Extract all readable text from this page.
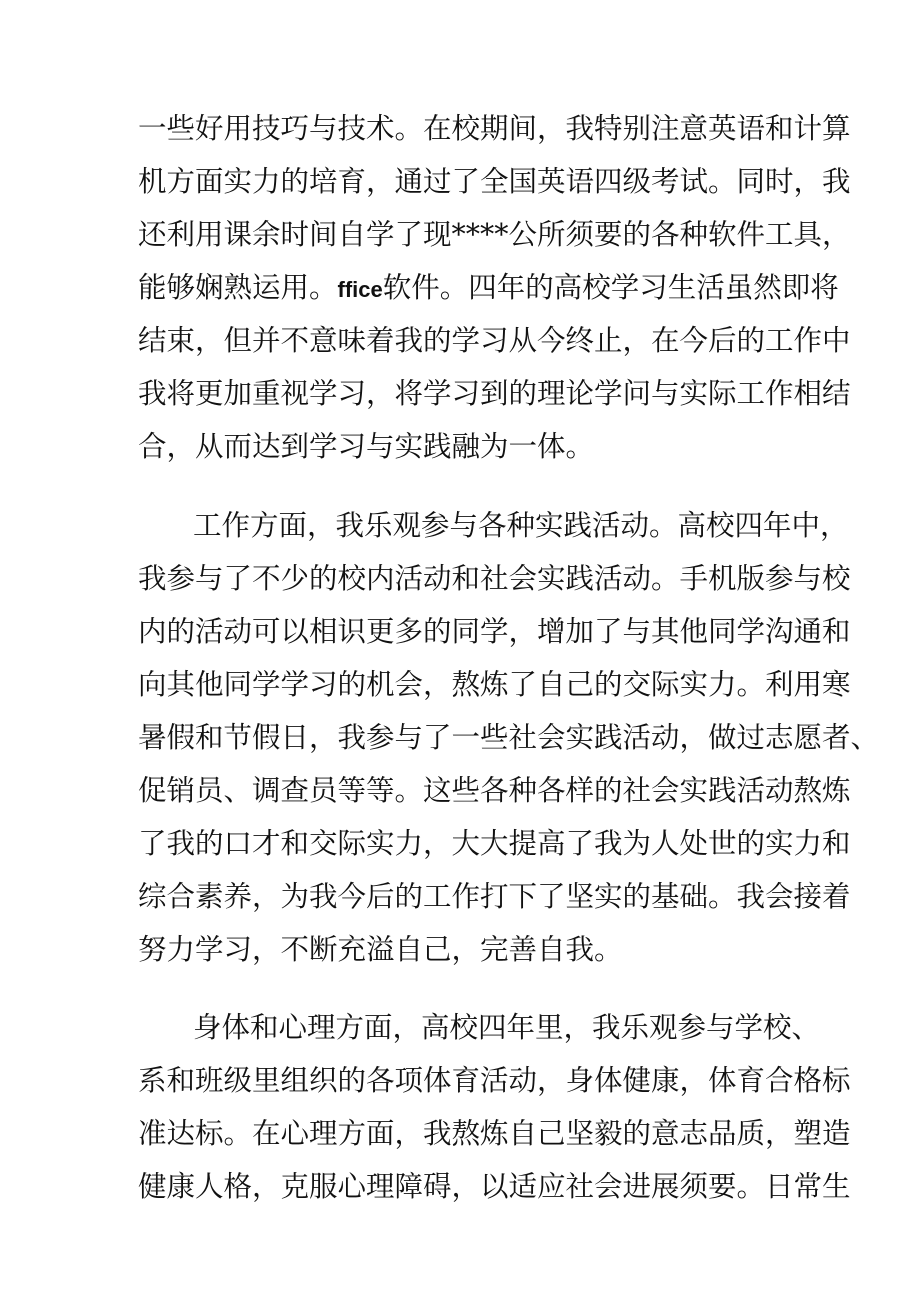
一些好用技巧与技术。在校期间，我特别注意英语和计算
机方面实力的培育，通过了全国英语四级考试。同时，我
还利用课余时间自学了现****公所须要的各种软件工具，
能够娴熟运用。ffice软件。四年的高校学习生活虽然即将
结束，但并不意味着我的学习从今终止，在今后的工作中
我将更加重视学习，将学习到的理论学问与实际工作相结
合，从而达到学习与实践融为一体。
工作方面，我乐观参与各种实践活动。高校四年中，
我参与了不少的校内活动和社会实践活动。手机版参与校
内的活动可以相识更多的同学，增加了与其他同学沟通和
向其他同学学习的机会，熬炼了自己的交际实力。利用寒
暑假和节假日，我参与了一些社会实践活动，做过志愿者、
促销员、调查员等等。这些各种各样的社会实践活动熬炼
了我的口才和交际实力，大大提高了我为人处世的实力和
综合素养，为我今后的工作打下了坚实的基础。我会接着
努力学习，不断充溢自己，完善自我。
身体和心理方面，高校四年里，我乐观参与学校、
系和班级里组织的各项体育活动，身体健康，体育合格标
准达标。在心理方面，我熬炼自己坚毅的意志品质，塑造
健康人格，克服心理障碍，以适应社会进展须要。日常生
